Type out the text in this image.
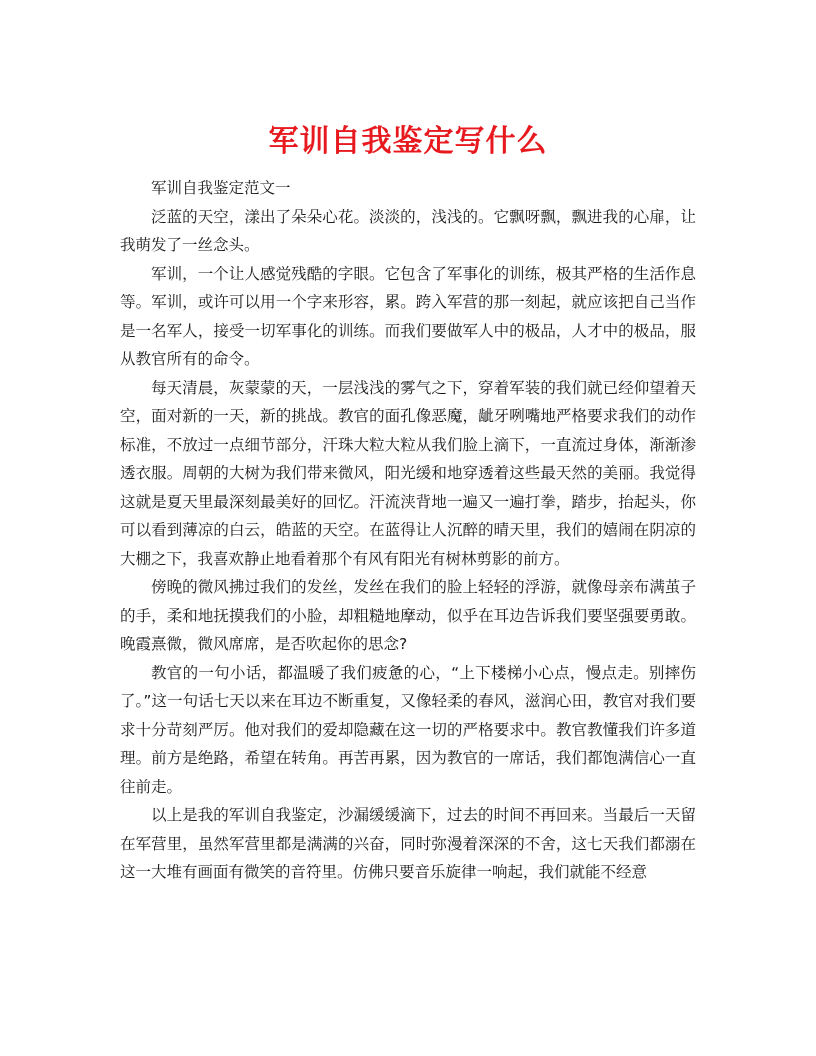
军训自我鉴定写什么

军训自我鉴定范文一

泛蓝的天空，漾出了朵朵心花。淡淡的，浅浅的。它飘呀飘，飘进我的心扉，让我萌发了一丝念头。

军训，一个让人感觉残酷的字眼。它包含了军事化的训练，极其严格的生活作息等。军训，或许可以用一个字来形容，累。跨入军营的那一刻起，就应该把自己当作是一名军人，接受一切军事化的训练。而我们要做军人中的极品，人才中的极品，服从教官所有的命令。

每天清晨，灰蒙蒙的天，一层浅浅的雾气之下，穿着军装的我们就已经仰望着天空，面对新的一天，新的挑战。教官的面孔像恶魔，龇牙咧嘴地严格要求我们的动作标准，不放过一点细节部分，汗珠大粒大粒从我们脸上滴下，一直流过身体，渐渐渗透衣服。周朝的大树为我们带来微风，阳光缓和地穿透着这些最天然的美丽。我觉得这就是夏天里最深刻最美好的回忆。汗流浃背地一遍又一遍打拳，踏步，抬起头，你可以看到薄凉的白云，皓蓝的天空。在蓝得让人沉醉的晴天里，我们的嬉闹在阴凉的大棚之下，我喜欢静止地看着那个有风有阳光有树林剪影的前方。

傍晚的微风拂过我们的发丝，发丝在我们的脸上轻轻的浮游，就像母亲布满茧子的手，柔和地抚摸我们的小脸，却粗糙地摩动，似乎在耳边告诉我们要坚强要勇敢。晚霞熹微，微风席席，是否吹起你的思念?

教官的一句小话，都温暖了我们疲惫的心，“上下楼梯小心点，慢点走。别摔伤了。”这一句话七天以来在耳边不断重复，又像轻柔的春风，滋润心田，教官对我们要求十分苛刻严厉。他对我们的爱却隐藏在这一切的严格要求中。教官教懂我们许多道理。前方是绝路，希望在转角。再苦再累，因为教官的一席话，我们都饱满信心一直往前走。

以上是我的军训自我鉴定，沙漏缓缓滴下，过去的时间不再回来。当最后一天留在军营里，虽然军营里都是满满的兴奋，同时弥漫着深深的不舍，这七天我们都溺在这一大堆有画面有微笑的音符里。仿佛只要音乐旋律一响起，我们就能不经意
